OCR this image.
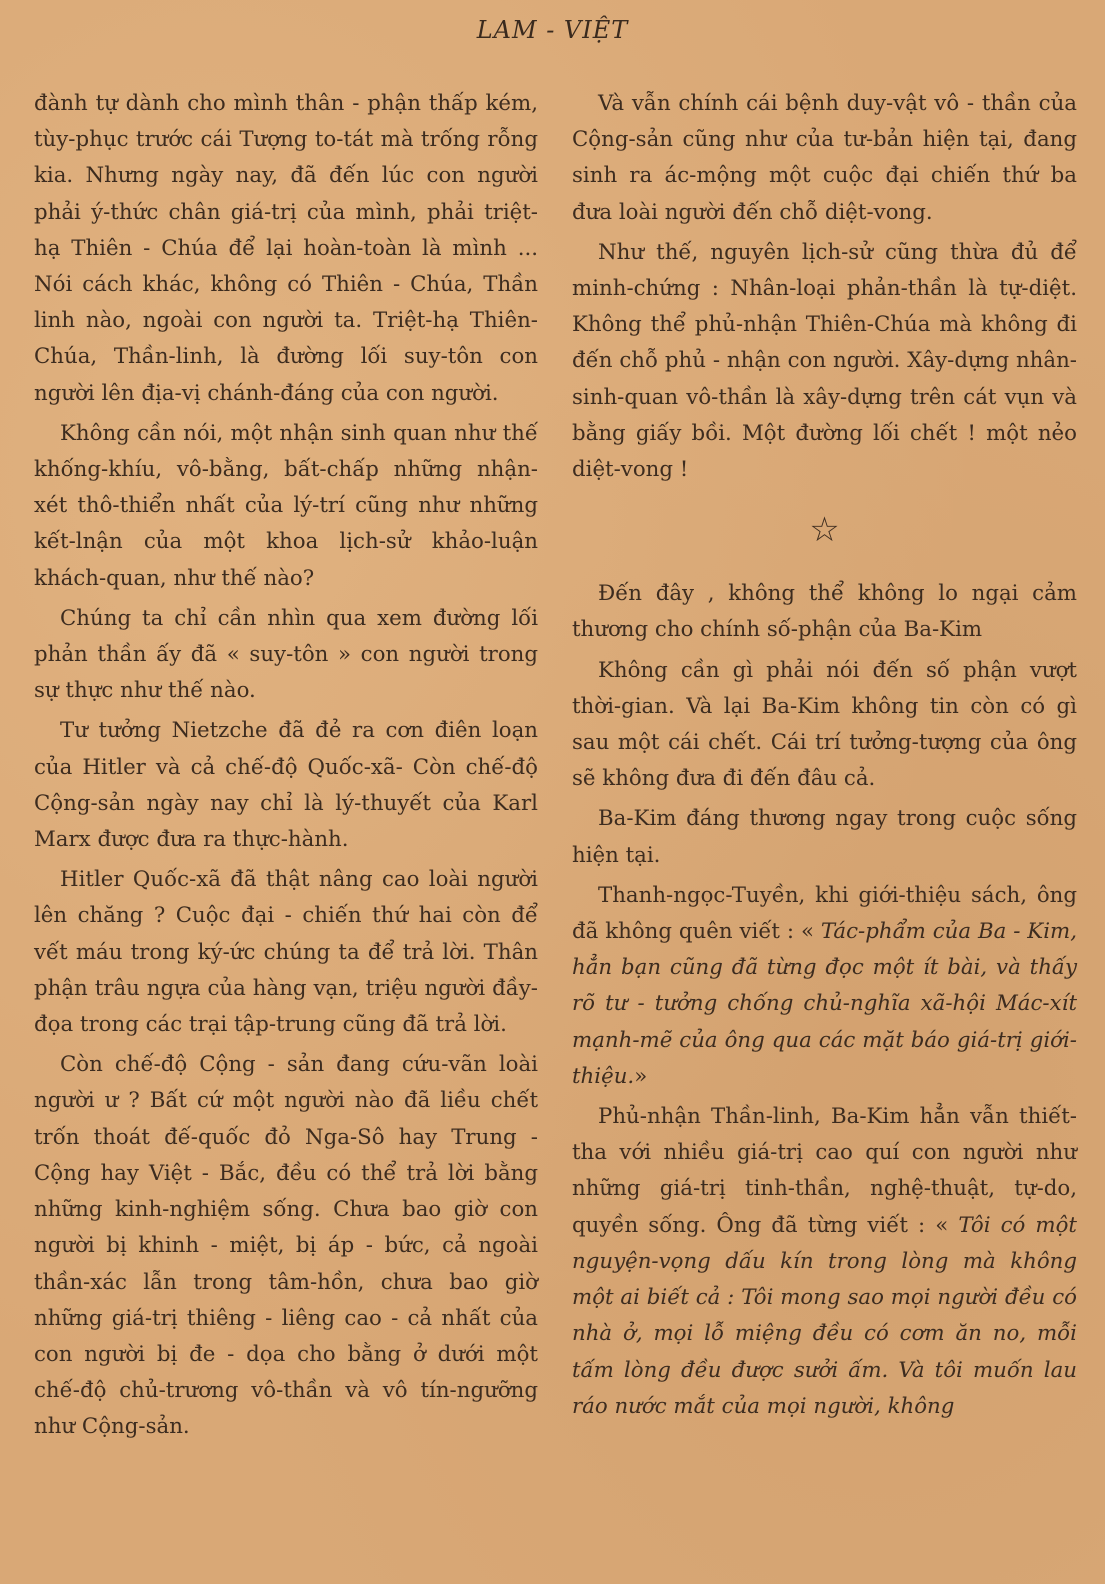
LAM - VIỆT

đành tự dành cho mình thân - phận thấp kém, tùy-phục trước cái Tượng to-tát mà trống rỗng kia. Nhưng ngày nay, đã đến lúc con người phải ý-thức chân giá-trị của mình, phải triệt-hạ Thiên - Chúa để lại hoàn-toàn là mình ... Nói cách khác, không có Thiên - Chúa, Thần linh nào, ngoài con người ta. Triệt-hạ Thiên-Chúa, Thần-linh, là đường lối suy-tôn con người lên địa-vị chánh-đáng của con người.

Không cần nói, một nhận sinh quan như thế khống-khíu, vô-bằng, bất-chấp những nhận-xét thô-thiển nhất của lý-trí cũng như những kết-lnận của một khoa lịch-sử khảo-luận khách-quan, như thế nào?

Chúng ta chỉ cần nhìn qua xem đường lối phản thần ấy đã « suy-tôn » con người trong sự thực như thế nào.

Tư tưởng Nietzche đã đẻ ra cơn điên loạn của Hitler và cả chế-độ Quốc-xã- Còn chế-độ Cộng-sản ngày nay chỉ là lý-thuyết của Karl Marx được đưa ra thực-hành.

Hitler Quốc-xã đã thật nâng cao loài người lên chăng ? Cuộc đại - chiến thứ hai còn để vết máu trong ký-ức chúng ta để trả lời. Thân phận trâu ngựa của hàng vạn, triệu người đầy-đọa trong các trại tập-trung cũng đã trả lời.

Còn chế-độ Cộng - sản đang cứu-vãn loài người ư ? Bất cứ một người nào đã liều chết trốn thoát đế-quốc đỏ Nga-Sô hay Trung - Cộng hay Việt - Bắc, đều có thể trả lời bằng những kinh-nghiệm sống. Chưa bao giờ con người bị khinh - miệt, bị áp - bức, cả ngoài thần-xác lẫn trong tâm-hồn, chưa bao giờ những giá-trị thiêng - liêng cao - cả nhất của con người bị đe - dọa cho bằng ở dưới một chế-độ chủ-trương vô-thần và vô tín-ngưỡng như Cộng-sản.

Và vẫn chính cái bệnh duy-vật vô - thần của Cộng-sản cũng như của tư-bản hiện tại, đang sinh ra ác-mộng một cuộc đại chiến thứ ba đưa loài người đến chỗ diệt-vong.

Như thế, nguyên lịch-sử cũng thừa đủ để minh-chứng : Nhân-loại phản-thần là tự-diệt. Không thể phủ-nhận Thiên-Chúa mà không đi đến chỗ phủ - nhận con người. Xây-dựng nhân-sinh-quan vô-thần là xây-dựng trên cát vụn và bằng giấy bồi. Một đường lối chết ! một nẻo diệt-vong !

☆

Đến đây , không thể không lo ngại cảm thương cho chính số-phận của Ba-Kim

Không cần gì phải nói đến số phận vượt thời-gian. Và lại Ba-Kim không tin còn có gì sau một cái chết. Cái trí tưởng-tượng của ông sẽ không đưa đi đến đâu cả.

Ba-Kim đáng thương ngay trong cuộc sống hiện tại.

Thanh-ngọc-Tuyền, khi giới-thiệu sách, ông đã không quên viết : « Tác-phẩm của Ba - Kim, hẳn bạn cũng đã từng đọc một ít bài, và thấy rõ tư - tưởng chống chủ-nghĩa xã-hội Mác-xít mạnh-mẽ của ông qua các mặt báo giá-trị giới-thiệu.»

Phủ-nhận Thần-linh, Ba-Kim hẳn vẫn thiết-tha với nhiều giá-trị cao quí con người như những giá-trị tinh-thần, nghệ-thuật, tự-do, quyền sống. Ông đã từng viết : « Tôi có một nguyện-vọng dấu kín trong lòng mà không một ai biết cả : Tôi mong sao mọi người đều có nhà ở, mọi lỗ miệng đều có cơm ăn no, mỗi tấm lòng đều được sưởi ấm. Và tôi muốn lau ráo nước mắt của mọi người, không
